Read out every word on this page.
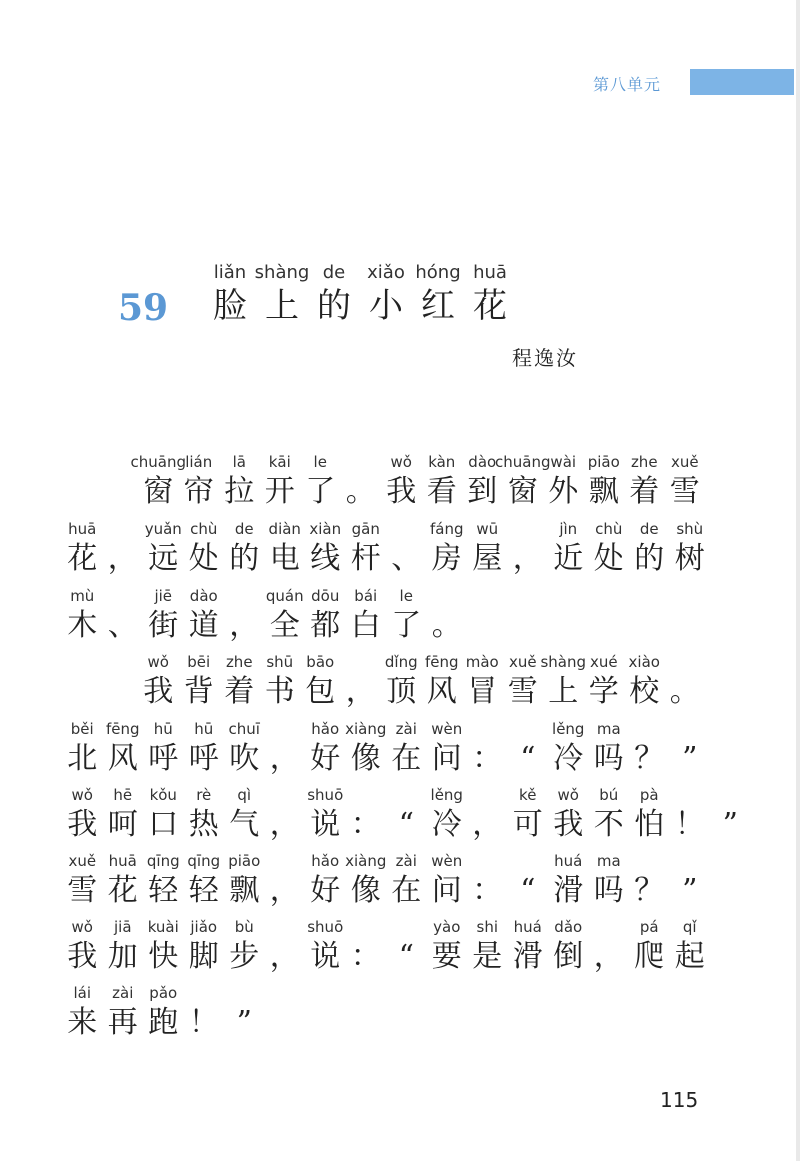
第八单元
59
liǎn
脸
shàng
上
de
的
xiǎo
小
hóng
红
huā
花
程逸汝
chuāng
窗
lián
帘
lā
拉
kāi
开
le
了 。
wǒ
我
kàn
看
dào
到
chuāng
窗
wài
外
piāo
飘
zhe
着
xuě
雪
huā
花 ，
yuǎn
远
chù
处
de
的
diàn
电
xiàn
线
gān
杆 、
fáng
房
wū
屋 ，
jìn
近
chù
处
de
的
shù
树
mù
木 、
jiē
街
dào
道 ，
quán
全
dōu
都
bái
白
le
了 。
wǒ
我
bēi
背
zhe
着
shū
书
bāo
包 ，
dǐng
顶
fēng
风
mào
冒
xuě
雪
shàng
上
xué
学
xiào
校 。
běi
北
fēng
风
hū
呼
hū
呼
chuī
吹 ，
hǎo
好
xiàng
像
zài
在
wèn
问 ： “
lěng
冷
ma
吗 ？ ”
wǒ
我
hē
呵
kǒu
口
rè
热
qì
气 ，
shuō
说 ： “
lěng
冷 ，
kě
可
wǒ
我
bú
不
pà
怕 ！ ”
xuě
雪
huā
花
qīng
轻
qīng
轻
piāo
飘 ，
hǎo
好
xiàng
像
zài
在
wèn
问 ： “
huá
滑
ma
吗 ？ ”
wǒ
我
jiā
加
kuài
快
jiǎo
脚
bù
步 ，
shuō
说 ： “
yào
要
shi
是
huá
滑
dǎo
倒 ，
pá
爬
qǐ
起
lái
来
zài
再
pǎo
跑 ！ ”
115
